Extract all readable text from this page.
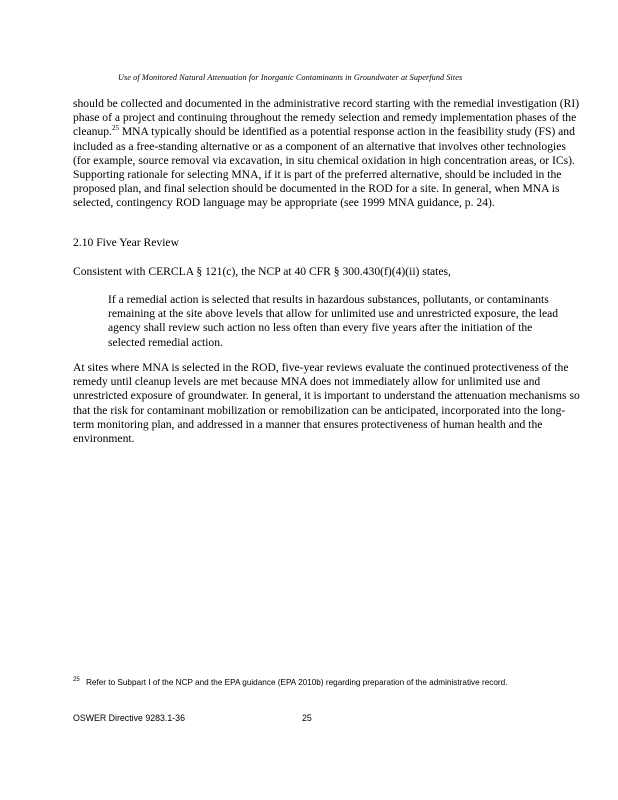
Use of Monitored Natural Attenuation for Inorganic Contaminants in Groundwater at Superfund Sites

should be collected and documented in the administrative record starting with the remedial investigation (RI) phase of a project and continuing throughout the remedy selection and remedy implementation phases of the cleanup.$^{25}$ MNA typically should be identified as a potential response action in the feasibility study (FS) and included as a free-standing alternative or as a component of an alternative that involves other technologies (for example, source removal via excavation, in situ chemical oxidation in high concentration areas, or ICs). Supporting rationale for selecting MNA, if it is part of the preferred alternative, should be included in the proposed plan, and final selection should be documented in the ROD for a site. In general, when MNA is selected, contingency ROD language may be appropriate (see 1999 MNA guidance, p. 24).

2.10 Five Year Review

Consistent with CERCLA § 121(c), the NCP at 40 CFR § 300.430(f)(4)(ii) states,

If a remedial action is selected that results in hazardous substances, pollutants, or contaminants remaining at the site above levels that allow for unlimited use and unrestricted exposure, the lead agency shall review such action no less often than every five years after the initiation of the selected remedial action.

At sites where MNA is selected in the ROD, five-year reviews evaluate the continued protectiveness of the remedy until cleanup levels are met because MNA does not immediately allow for unlimited use and unrestricted exposure of groundwater. In general, it is important to understand the attenuation mechanisms so that the risk for contaminant mobilization or remobilization can be anticipated, incorporated into the long-term monitoring plan, and addressed in a manner that ensures protectiveness of human health and the environment.

25 Refer to Subpart I of the NCP and the EPA guidance (EPA 2010b) regarding preparation of the administrative record.
OSWER Directive 9283.1-36	25
